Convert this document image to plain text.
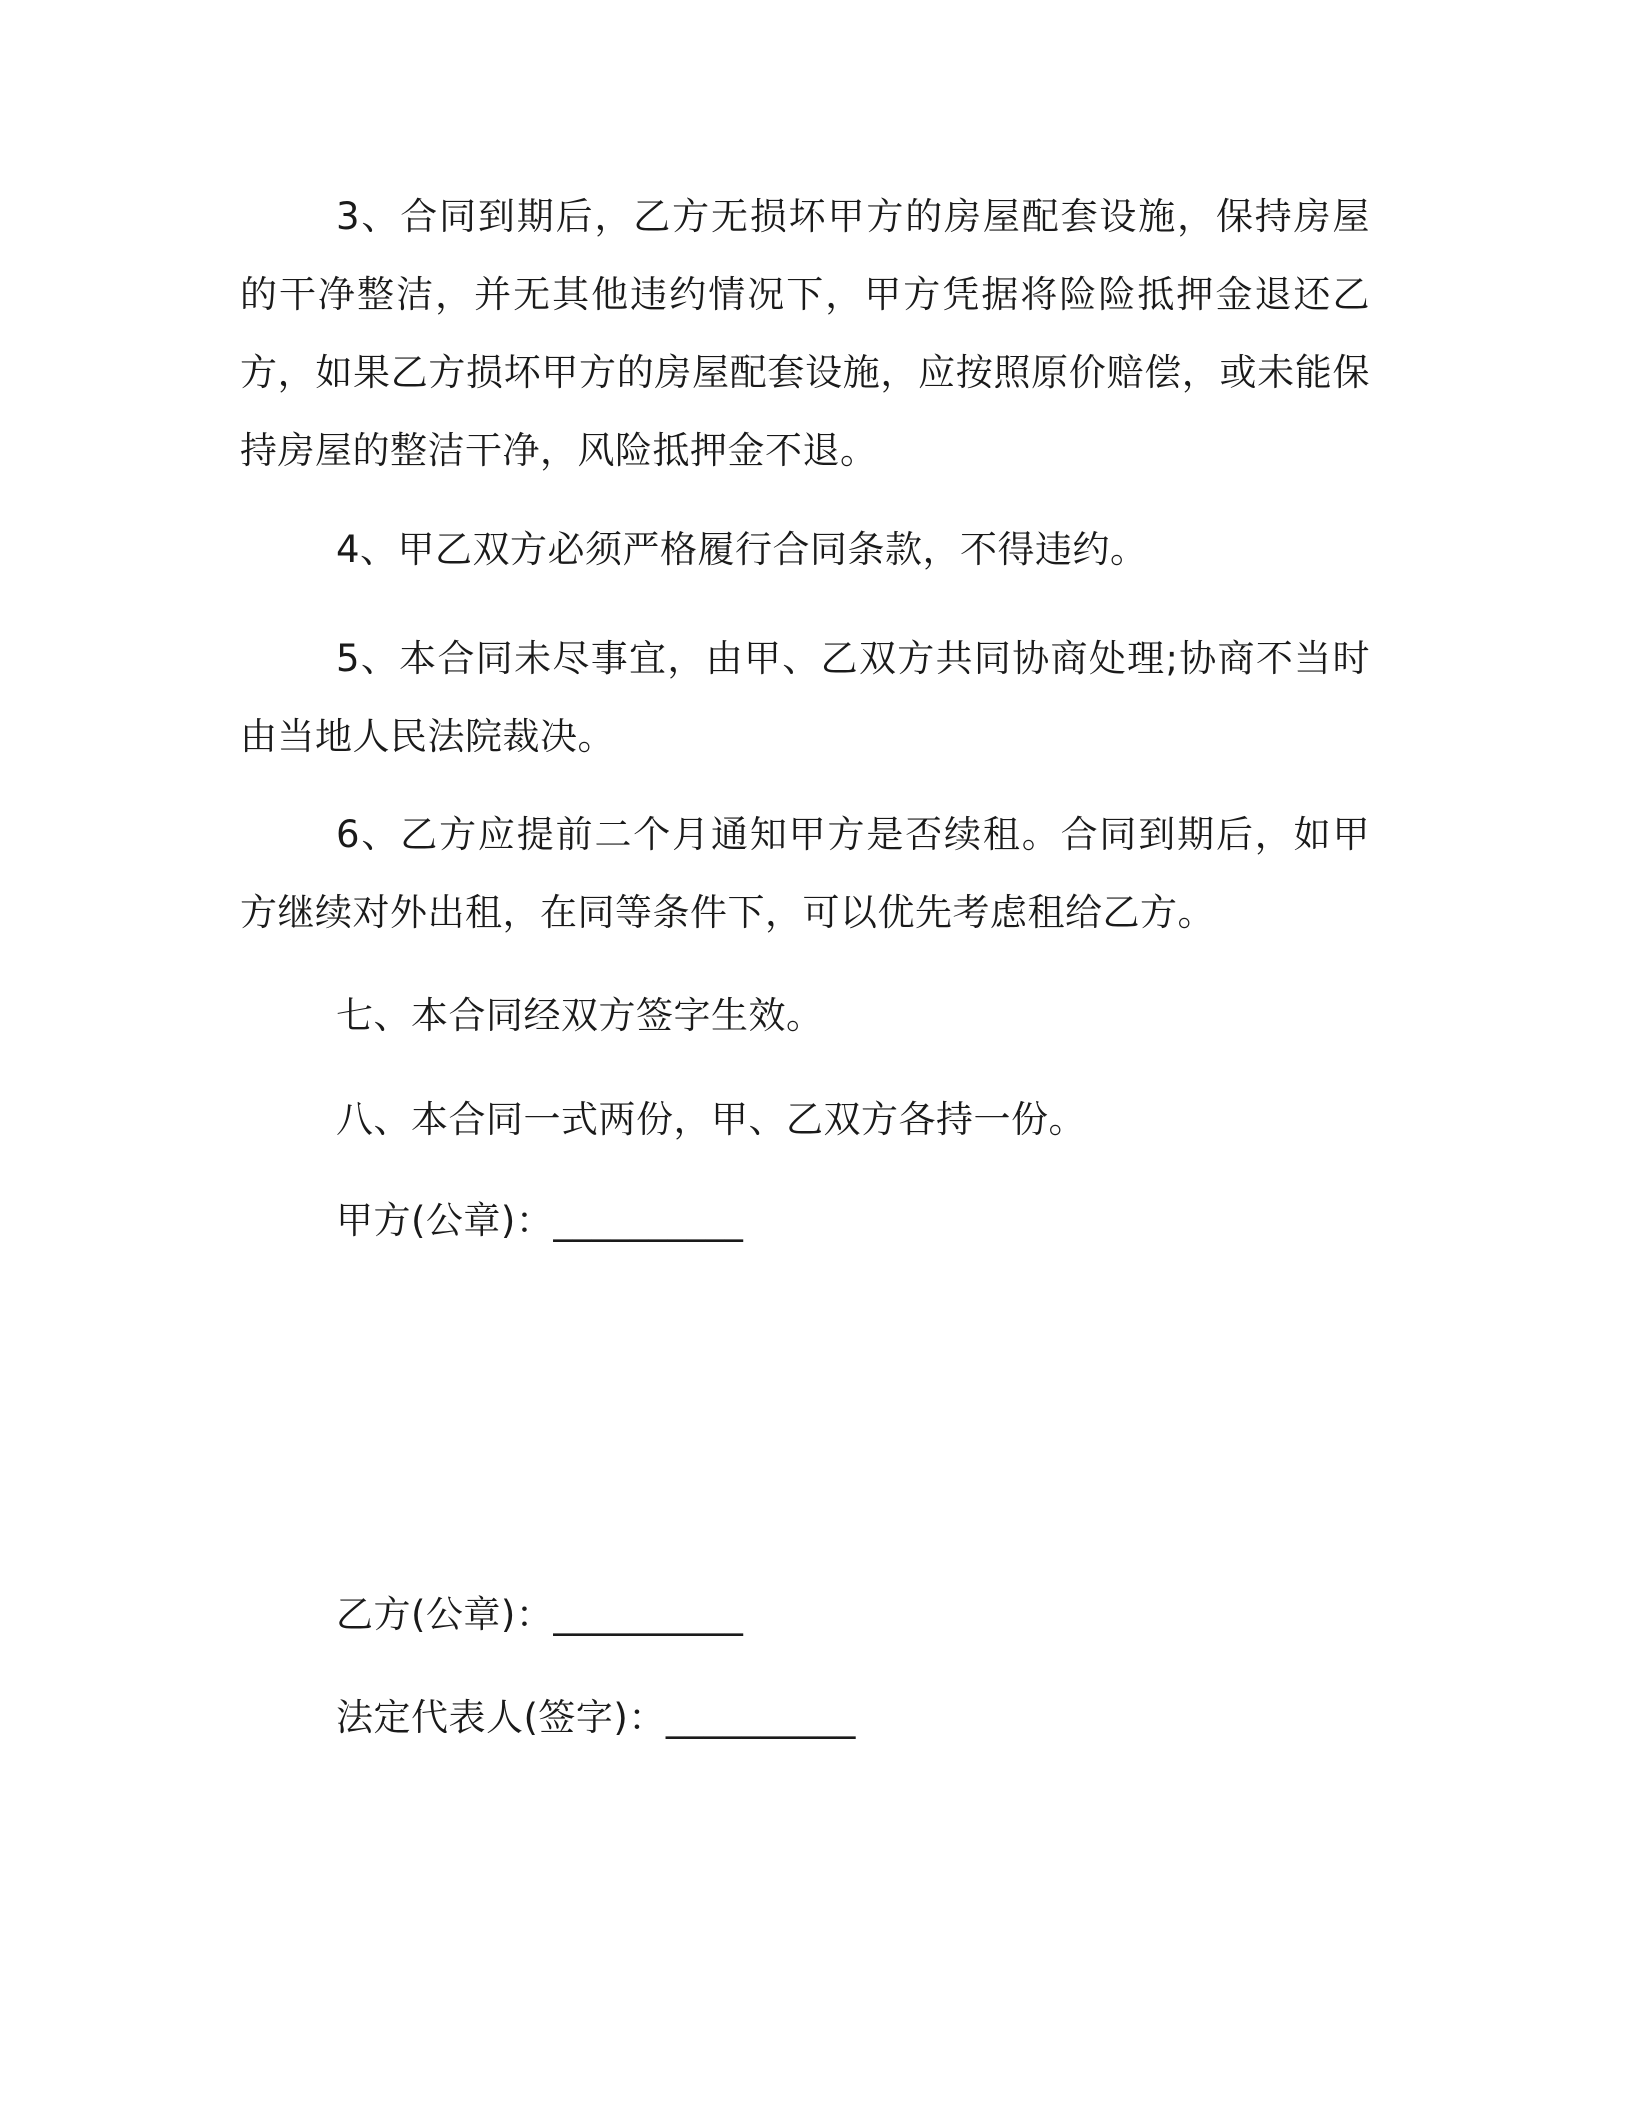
3、合同到期后，乙方无损坏甲方的房屋配套设施，保持房屋的干净整洁，并无其他违约情况下，甲方凭据将险险抵押金退还乙方，如果乙方损坏甲方的房屋配套设施，应按照原价赔偿，或未能保持房屋的整洁干净，风险抵押金不退。

4、甲乙双方必须严格履行合同条款，不得违约。

5、本合同未尽事宜，由甲、乙双方共同协商处理;协商不当时由当地人民法院裁决。

6、乙方应提前二个月通知甲方是否续租。合同到期后，如甲方继续对外出租，在同等条件下，可以优先考虑租给乙方。

七、本合同经双方签字生效。

八、本合同一式两份，甲、乙双方各持一份。

甲方(公章)：__________

乙方(公章)：__________

法定代表人(签字)：__________
